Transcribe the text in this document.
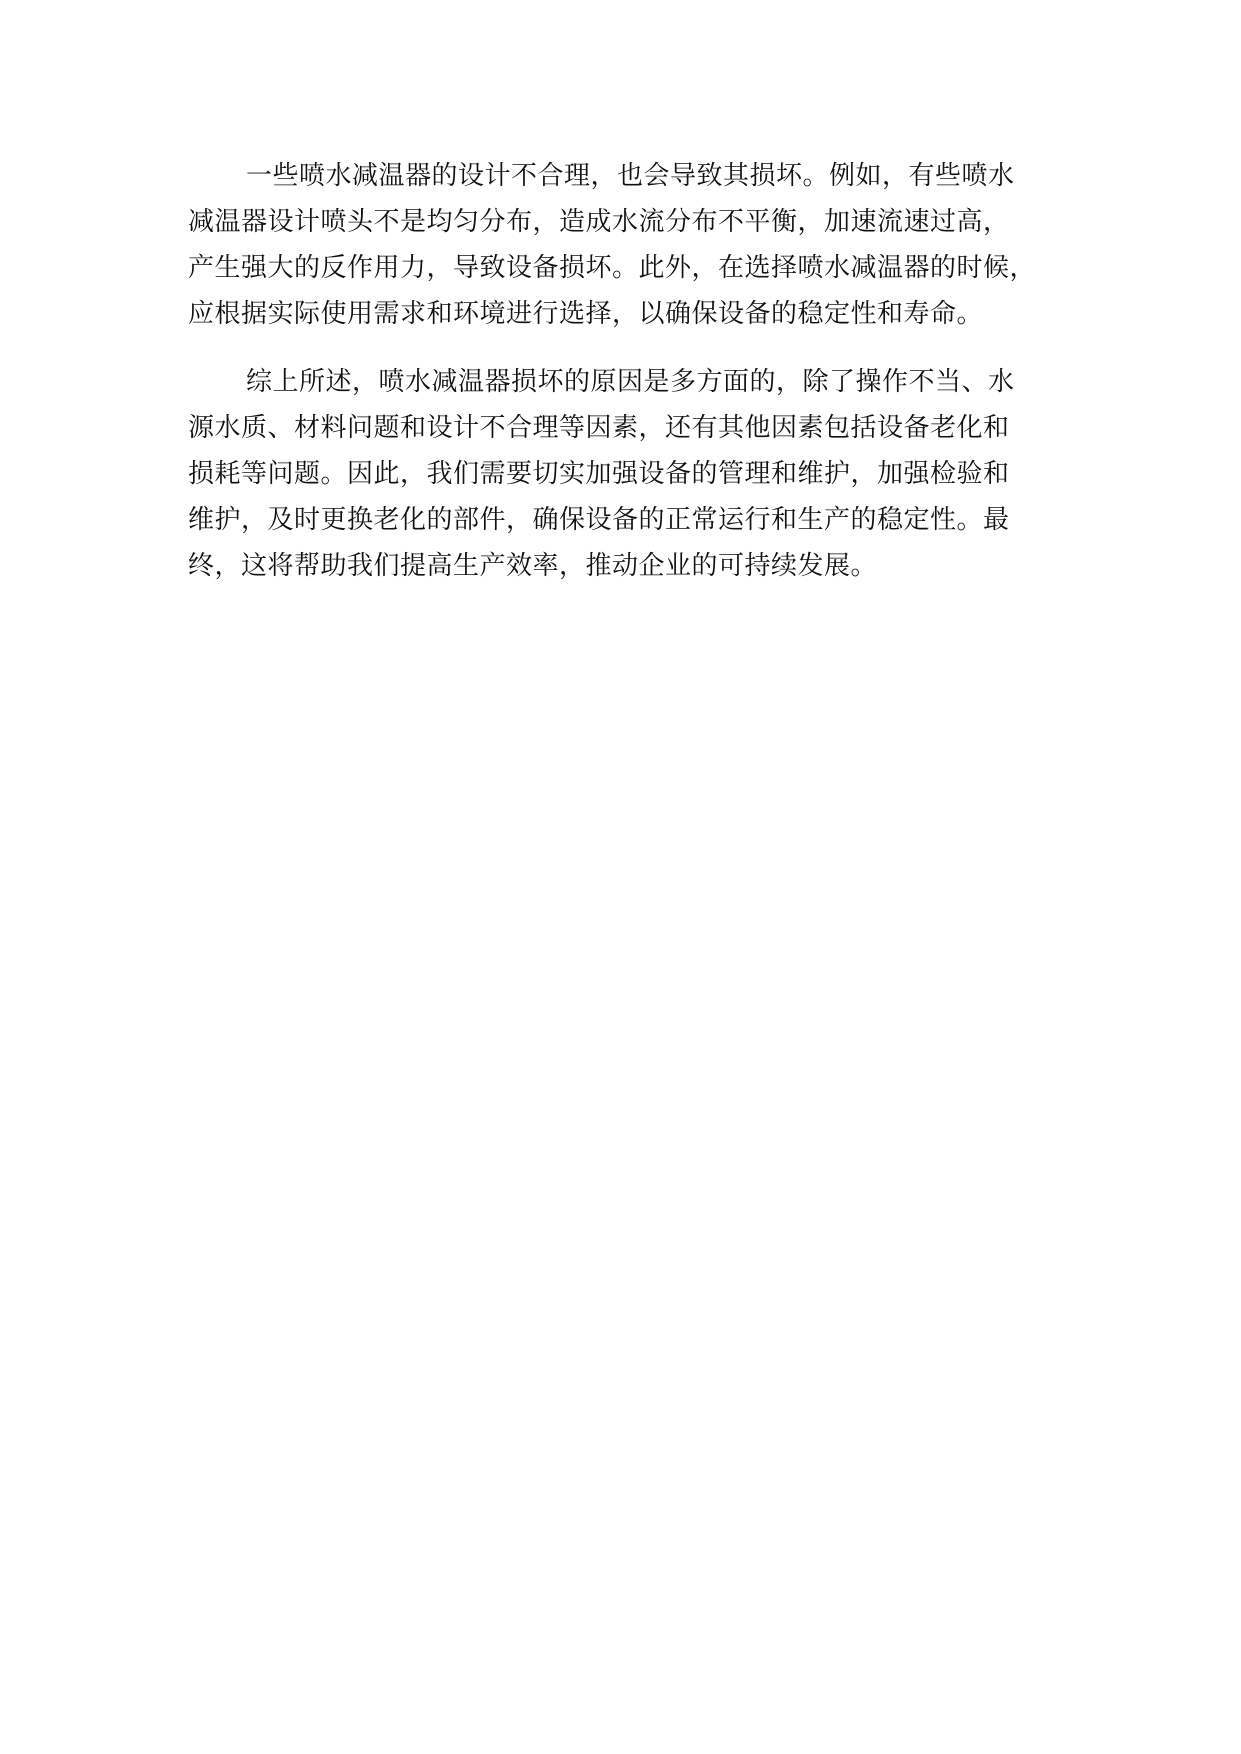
一些喷水减温器的设计不合理，也会导致其损坏。例如，有些喷水
减温器设计喷头不是均匀分布，造成水流分布不平衡，加速流速过高，
产生强大的反作用力，导致设备损坏。此外，在选择喷水减温器的时候，
应根据实际使用需求和环境进行选择，以确保设备的稳定性和寿命。
综上所述，喷水减温器损坏的原因是多方面的，除了操作不当、水
源水质、材料问题和设计不合理等因素，还有其他因素包括设备老化和
损耗等问题。因此，我们需要切实加强设备的管理和维护，加强检验和
维护，及时更换老化的部件，确保设备的正常运行和生产的稳定性。最
终，这将帮助我们提高生产效率，推动企业的可持续发展。
